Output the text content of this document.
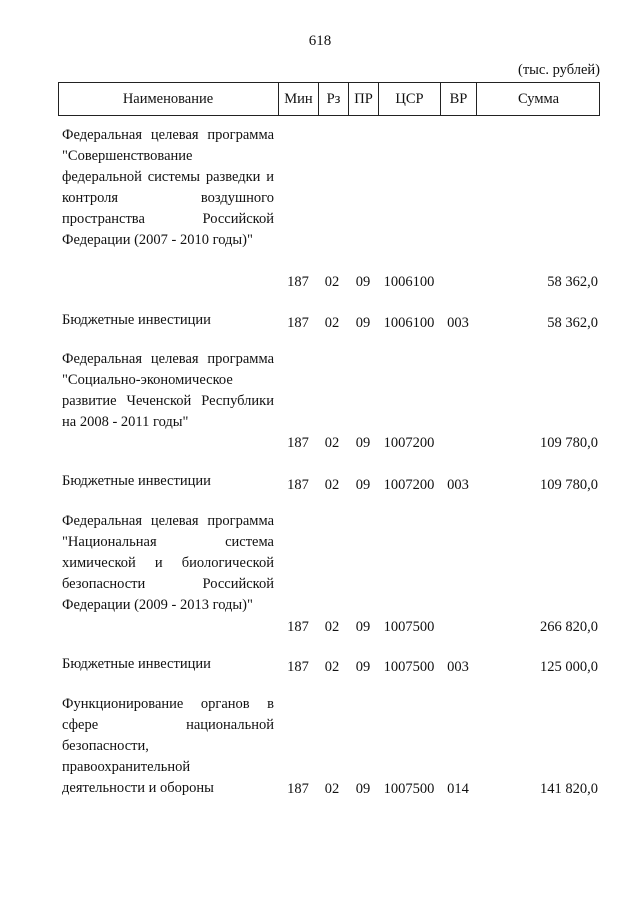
618
(тыс. рублей)
Наименование	Мин Рз ПР	ЦСР	ВР	Сумма
Федеральная целевая программа "Совершенствование федеральной системы разведки и контроля воздушного пространства Российской Федерации (2007 - 2010 годы)"
187	02	09 1006100	58 362,0
Бюджетные инвестиции	187	02	09 1006100 003	58 362,0
Федеральная целевая программа "Социально-экономическое развитие Чеченской Республики на 2008 - 2011 годы"
187	02	09 1007200	109 780,0
Бюджетные инвестиции	187	02	09 1007200 003	109 780,0
Федеральная целевая программа "Национальная система химической и биологической безопасности Российской Федерации (2009 - 2013 годы)"
187	02	09 1007500	266 820,0
Бюджетные инвестиции	187	02	09 1007500 003	125 000,0
Функционирование органов в сфере национальной безопасности, правоохранительной деятельности и обороны	187	02	09 1007500 014	141 820,0
